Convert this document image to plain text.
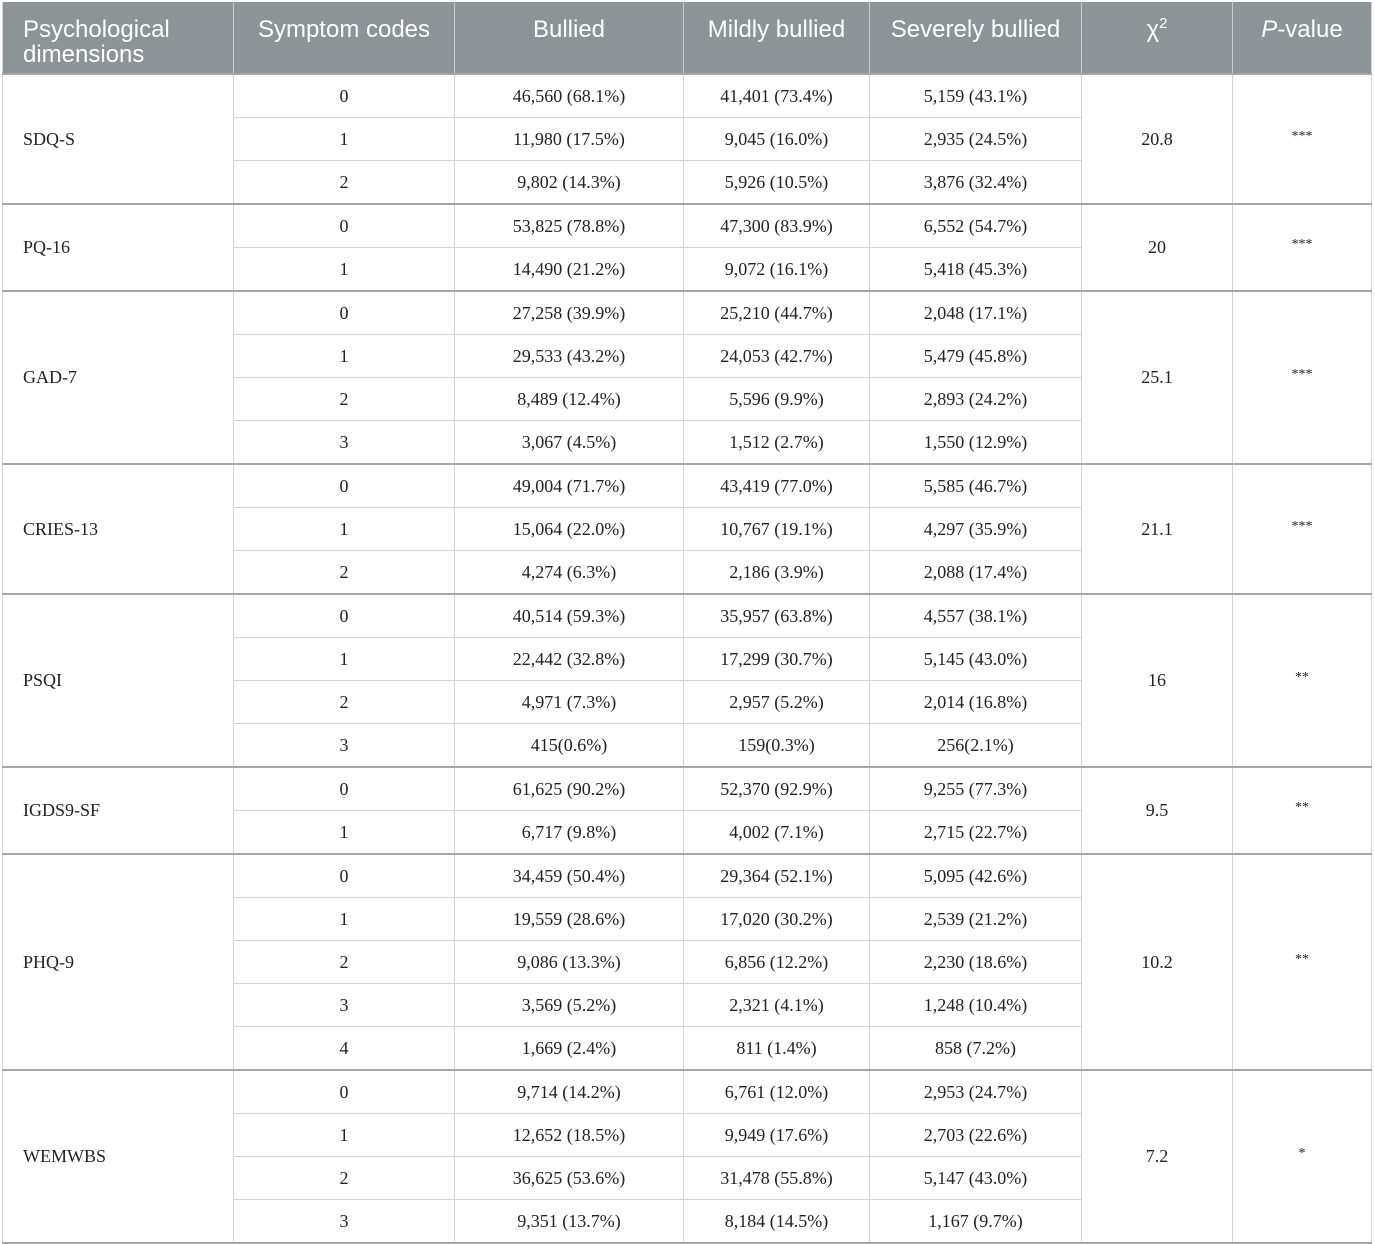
Psychological dimensions	Symptom codes	Bullied	Mildly bullied	Severely bullied	$\chi^2$	P-value
SDQ-S	0	46,560 (68.1%)	41,401 (73.4%)	5,159 (43.1%)	20.8	***
	1	11,980 (17.5%)	9,045 (16.0%)	2,935 (24.5%)		
	2	9,802 (14.3%)	5,926 (10.5%)	3,876 (32.4%)		
PQ-16	0	53,825 (78.8%)	47,300 (83.9%)	6,552 (54.7%)	20	***
	1	14,490 (21.2%)	9,072 (16.1%)	5,418 (45.3%)		
GAD-7	0	27,258 (39.9%)	25,210 (44.7%)	2,048 (17.1%)	25.1	***
	1	29,533 (43.2%)	24,053 (42.7%)	5,479 (45.8%)		
	2	8,489 (12.4%)	5,596 (9.9%)	2,893 (24.2%)		
	3	3,067 (4.5%)	1,512 (2.7%)	1,550 (12.9%)		
CRIES-13	0	49,004 (71.7%)	43,419 (77.0%)	5,585 (46.7%)	21.1	***
	1	15,064 (22.0%)	10,767 (19.1%)	4,297 (35.9%)		
	2	4,274 (6.3%)	2,186 (3.9%)	2,088 (17.4%)		
PSQI	0	40,514 (59.3%)	35,957 (63.8%)	4,557 (38.1%)	16	**
	1	22,442 (32.8%)	17,299 (30.7%)	5,145 (43.0%)		
	2	4,971 (7.3%)	2,957 (5.2%)	2,014 (16.8%)		
	3	415(0.6%)	159(0.3%)	256(2.1%)		
IGDS9-SF	0	61,625 (90.2%)	52,370 (92.9%)	9,255 (77.3%)	9.5	**
	1	6,717 (9.8%)	4,002 (7.1%)	2,715 (22.7%)		
PHQ-9	0	34,459 (50.4%)	29,364 (52.1%)	5,095 (42.6%)	10.2	**
	1	19,559 (28.6%)	17,020 (30.2%)	2,539 (21.2%)		
	2	9,086 (13.3%)	6,856 (12.2%)	2,230 (18.6%)		
	3	3,569 (5.2%)	2,321 (4.1%)	1,248 (10.4%)		
	4	1,669 (2.4%)	811 (1.4%)	858 (7.2%)		
WEMWBS	0	9,714 (14.2%)	6,761 (12.0%)	2,953 (24.7%)	7.2	*
	1	12,652 (18.5%)	9,949 (17.6%)	2,703 (22.6%)		
	2	36,625 (53.6%)	31,478 (55.8%)	5,147 (43.0%)		
	3	9,351 (13.7%)	8,184 (14.5%)	1,167 (9.7%)		
